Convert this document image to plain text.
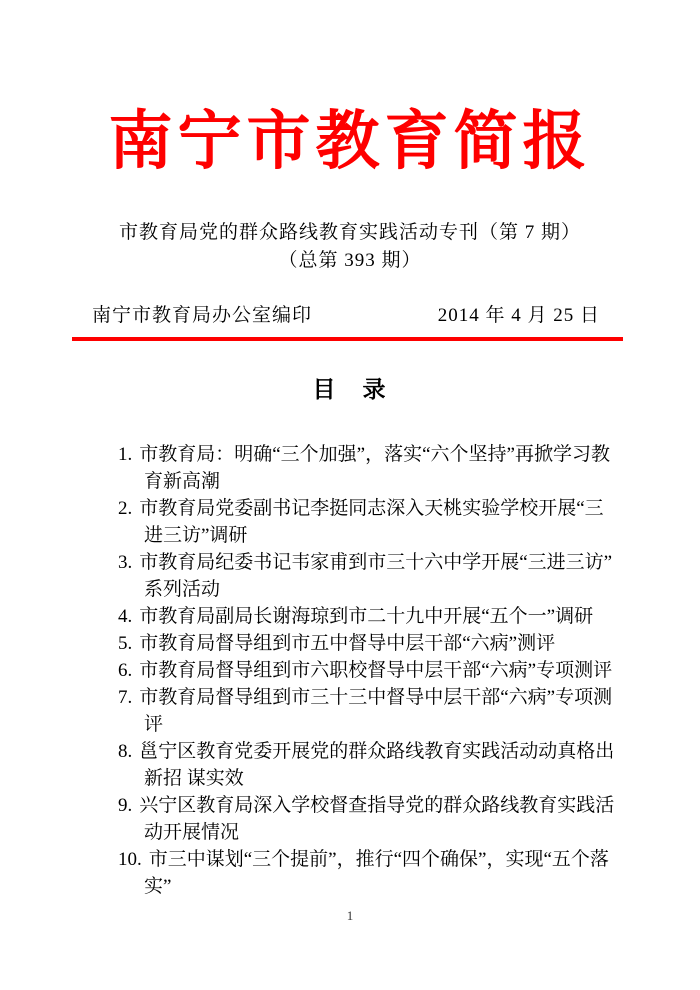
南宁市教育简报
市教育局党的群众路线教育实践活动专刊（第 7 期）
（总第 393 期）
南宁市教育局办公室编印	2014 年 4 月 25 日
目　录
1. 市教育局：明确“三个加强”，落实“六个坚持”再掀学习教育新高潮
2. 市教育局党委副书记李挺同志深入天桃实验学校开展“三进三访”调研
3. 市教育局纪委书记韦家甫到市三十六中学开展“三进三访”系列活动
4. 市教育局副局长谢海琼到市二十九中开展“五个一”调研
5. 市教育局督导组到市五中督导中层干部“六病”测评
6. 市教育局督导组到市六职校督导中层干部“六病”专项测评
7. 市教育局督导组到市三十三中督导中层干部“六病”专项测评
8. 邕宁区教育党委开展党的群众路线教育实践活动动真格出新招 谋实效
9. 兴宁区教育局深入学校督查指导党的群众路线教育实践活动开展情况
10. 市三中谋划“三个提前”，推行“四个确保”，实现“五个落实”
1
